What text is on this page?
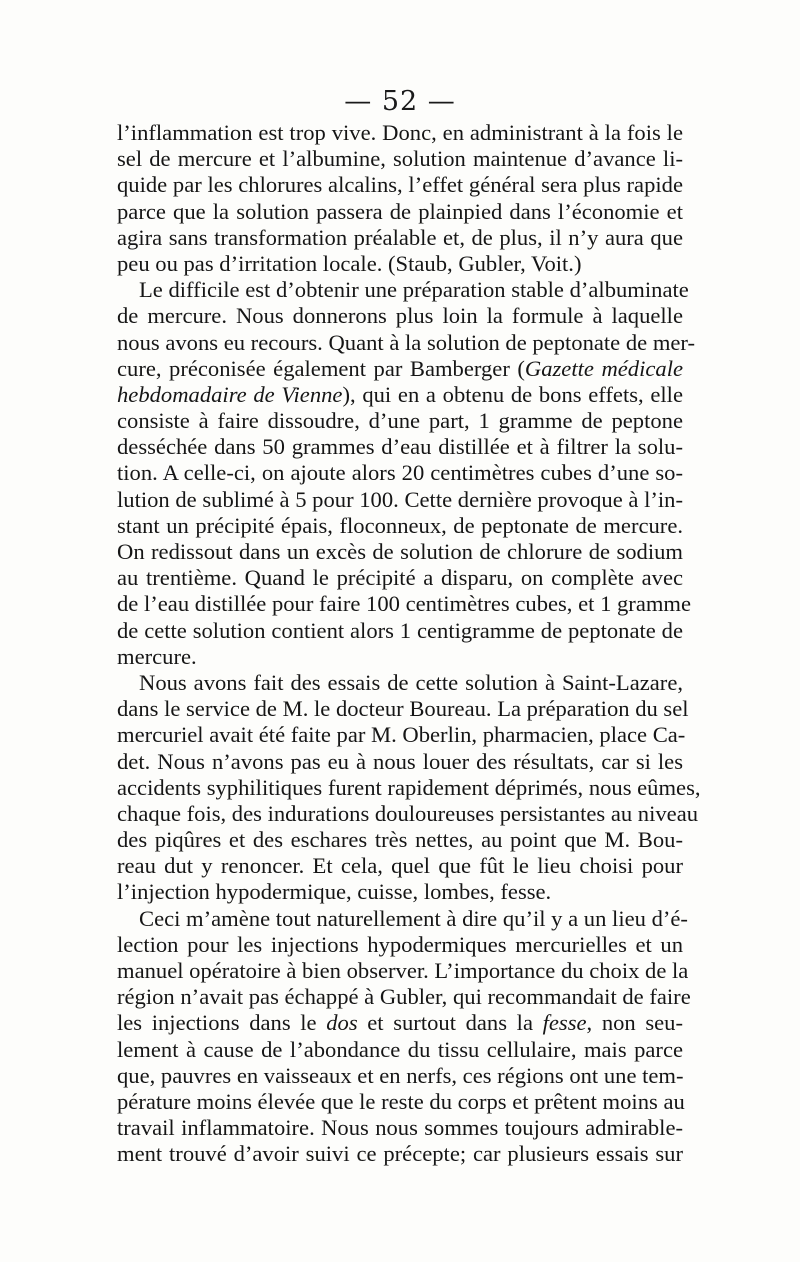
— 52 —
l’inflammation est trop vive. Donc, en administrant à la fois le
sel de mercure et l’albumine, solution maintenue d’avance li-
quide par les chlorures alcalins, l’effet général sera plus rapide
parce que la solution passera de plainpied dans l’économie et
agira sans transformation préalable et, de plus, il n’y aura que
peu ou pas d’irritation locale. (Staub, Gubler, Voit.)
Le difficile est d’obtenir une préparation stable d’albuminate
de mercure. Nous donnerons plus loin la formule à laquelle
nous avons eu recours. Quant à la solution de peptonate de mer-
cure, préconisée également par Bamberger (Gazette médicale
hebdomadaire de Vienne), qui en a obtenu de bons effets, elle
consiste à faire dissoudre, d’une part, 1 gramme de peptone
desséchée dans 50 grammes d’eau distillée et à filtrer la solu-
tion. A celle-ci, on ajoute alors 20 centimètres cubes d’une so-
lution de sublimé à 5 pour 100. Cette dernière provoque à l’in-
stant un précipité épais, floconneux, de peptonate de mercure.
On redissout dans un excès de solution de chlorure de sodium
au trentième. Quand le précipité a disparu, on complète avec
de l’eau distillée pour faire 100 centimètres cubes, et 1 gramme
de cette solution contient alors 1 centigramme de peptonate de
mercure.
Nous avons fait des essais de cette solution à Saint-Lazare,
dans le service de M. le docteur Boureau. La préparation du sel
mercuriel avait été faite par M. Oberlin, pharmacien, place Ca-
det. Nous n’avons pas eu à nous louer des résultats, car si les
accidents syphilitiques furent rapidement déprimés, nous eûmes,
chaque fois, des indurations douloureuses persistantes au niveau
des piqûres et des eschares très nettes, au point que M. Bou-
reau dut y renoncer. Et cela, quel que fût le lieu choisi pour
l’injection hypodermique, cuisse, lombes, fesse.
Ceci m’amène tout naturellement à dire qu’il y a un lieu d’é-
lection pour les injections hypodermiques mercurielles et un
manuel opératoire à bien observer. L’importance du choix de la
région n’avait pas échappé à Gubler, qui recommandait de faire
les injections dans le dos et surtout dans la fesse, non seu-
lement à cause de l’abondance du tissu cellulaire, mais parce
que, pauvres en vaisseaux et en nerfs, ces régions ont une tem-
pérature moins élevée que le reste du corps et prêtent moins au
travail inflammatoire. Nous nous sommes toujours admirable-
ment trouvé d’avoir suivi ce précepte; car plusieurs essais sur
